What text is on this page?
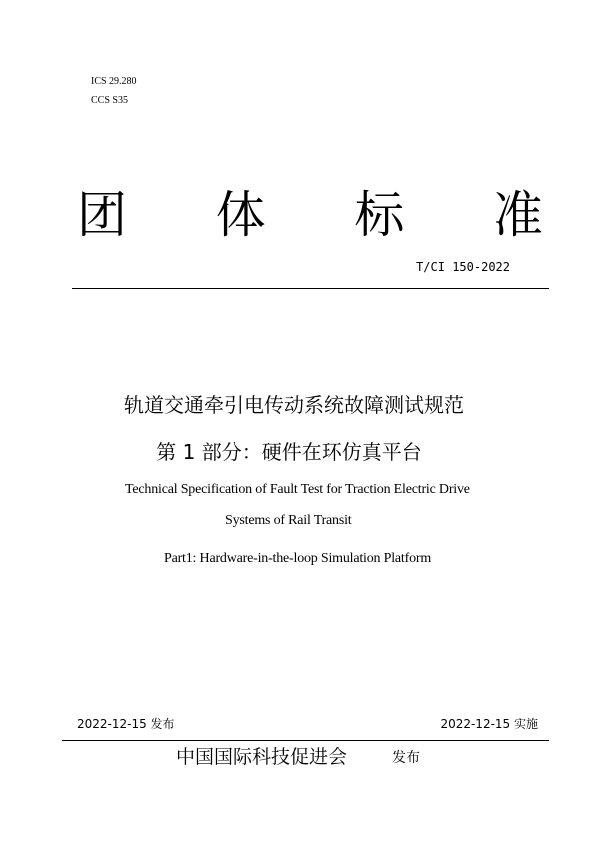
ICS 29.280
CCS S35
团 体 标 准
T/CI 150-2022
轨道交通牵引电传动系统故障测试规范
第 1 部分：硬件在环仿真平台
Technical Specification of Fault Test for Traction Electric Drive
Systems of Rail Transit
Part1: Hardware-in-the-loop Simulation Platform
2022-12-15 发布	2022-12-15 实施
中国国际科技促进会	发布
